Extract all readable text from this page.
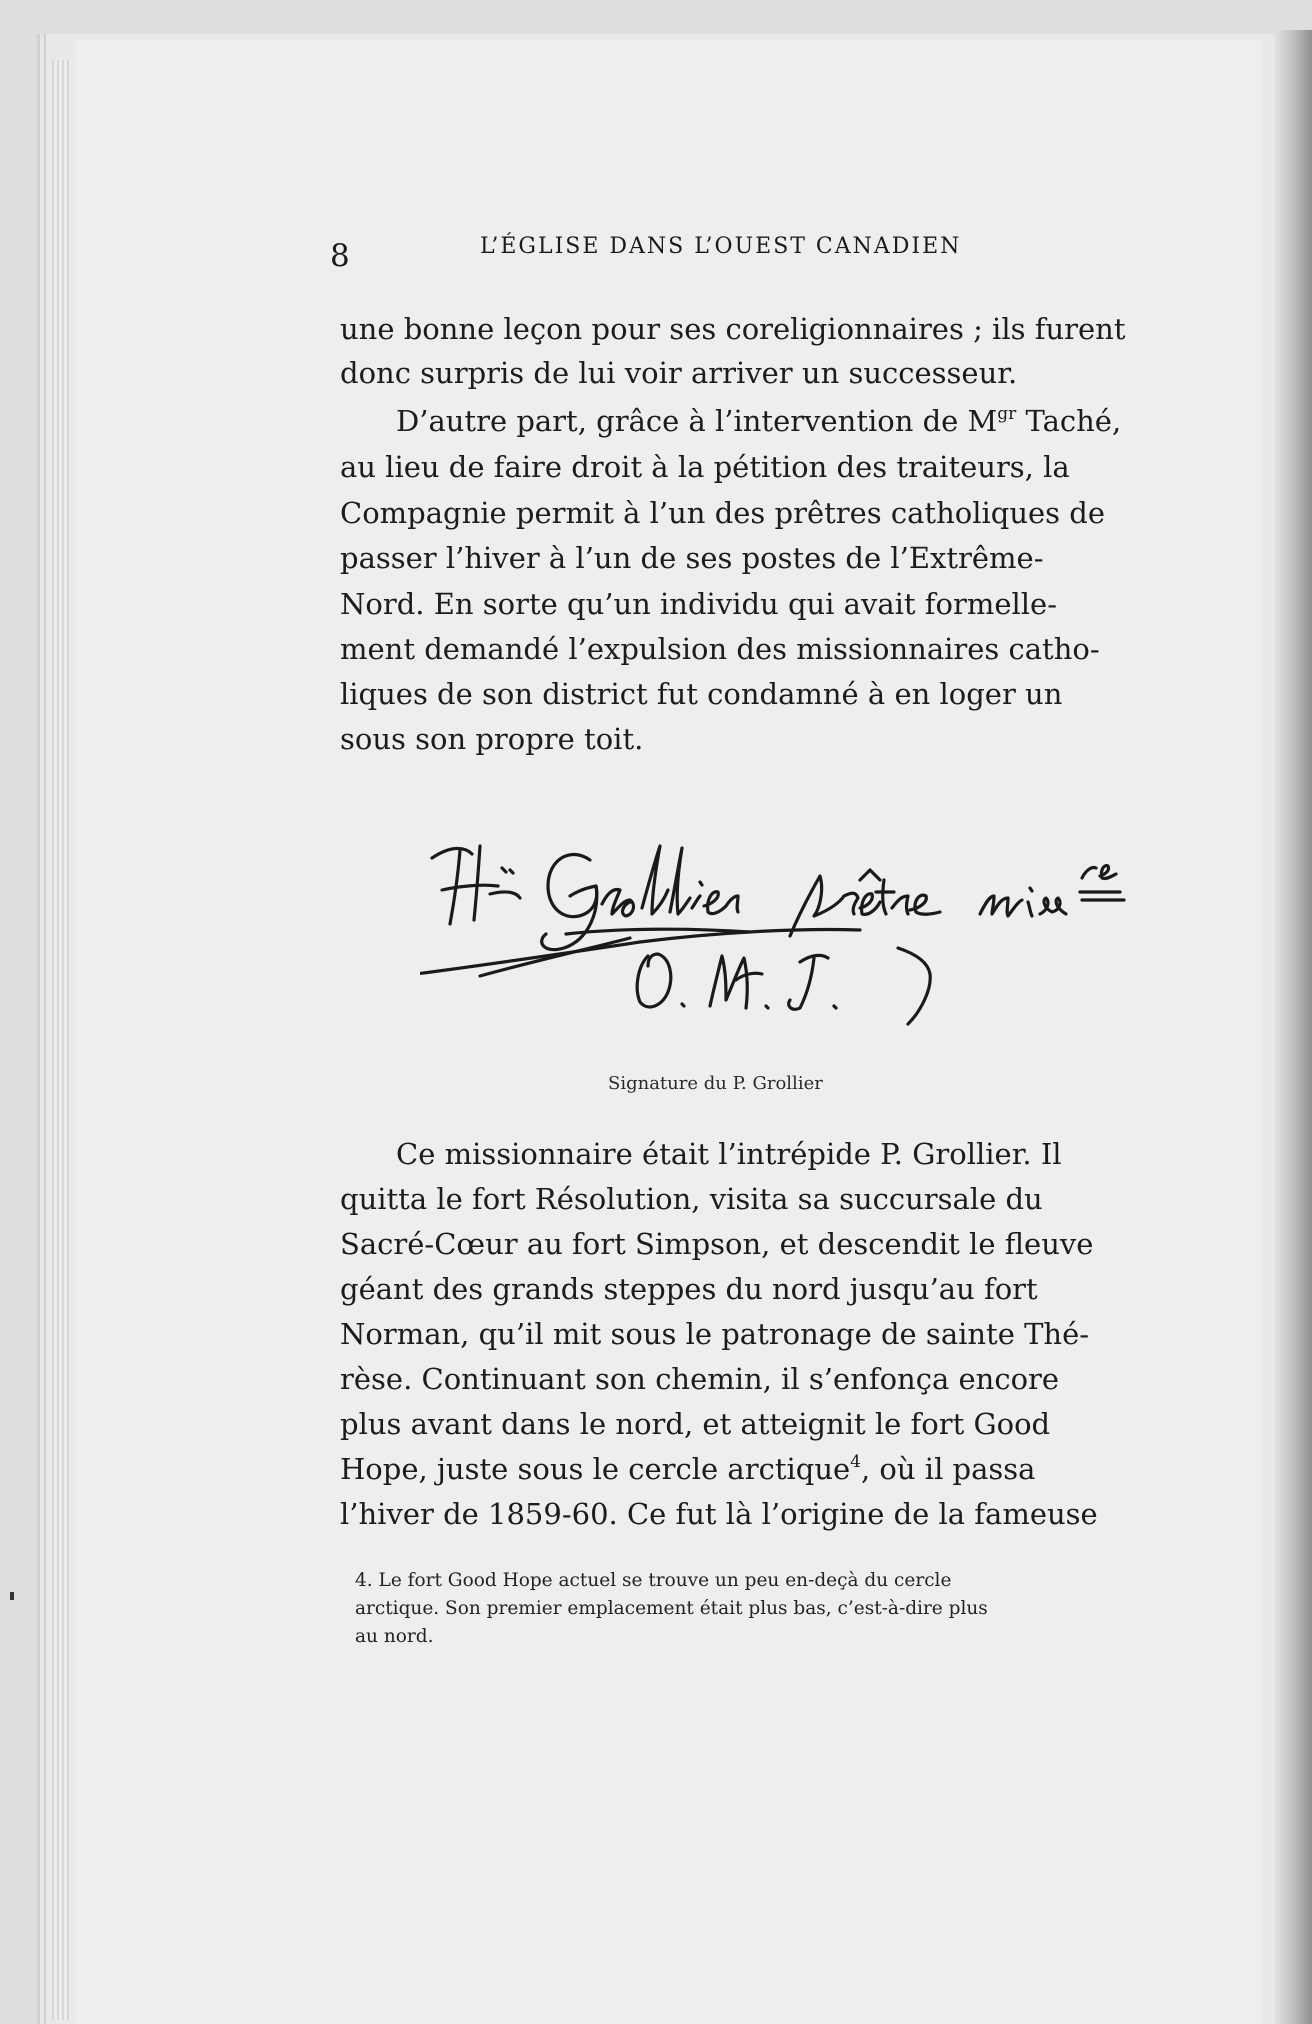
8	L’ÉGLISE DANS L’OUEST CANADIEN
une bonne leçon pour ses coreligionnaires ; ils furent
donc surpris de lui voir arriver un successeur.
D’autre part, grâce à l’intervention de $M^{gr}$ Taché,
au lieu de faire droit à la pétition des traiteurs, la
Compagnie permit à l’un des prêtres catholiques de
passer l’hiver à l’un de ses postes de l’Extrême-
Nord. En sorte qu’un individu qui avait formelle-
ment demandé l’expulsion des missionnaires catho-
liques de son district fut condamné à en loger un
sous son propre toit.
Signature du P. Grollier
Ce missionnaire était l’intrépide P. Grollier. Il
quitta le fort Résolution, visita sa succursale du
Sacré-Cœur au fort Simpson, et descendit le fleuve
géant des grands steppes du nord jusqu’au fort
Norman, qu’il mit sous le patronage de sainte Thé-
rèse. Continuant son chemin, il s’enfonça encore
plus avant dans le nord, et atteignit le fort Good
Hope, juste sous le cercle arctique$^4$, où il passa
l’hiver de 1859-60. Ce fut là l’origine de la fameuse
4. Le fort Good Hope actuel se trouve un peu en-deçà du cercle
arctique. Son premier emplacement était plus bas, c’est-à-dire plus
au nord.
